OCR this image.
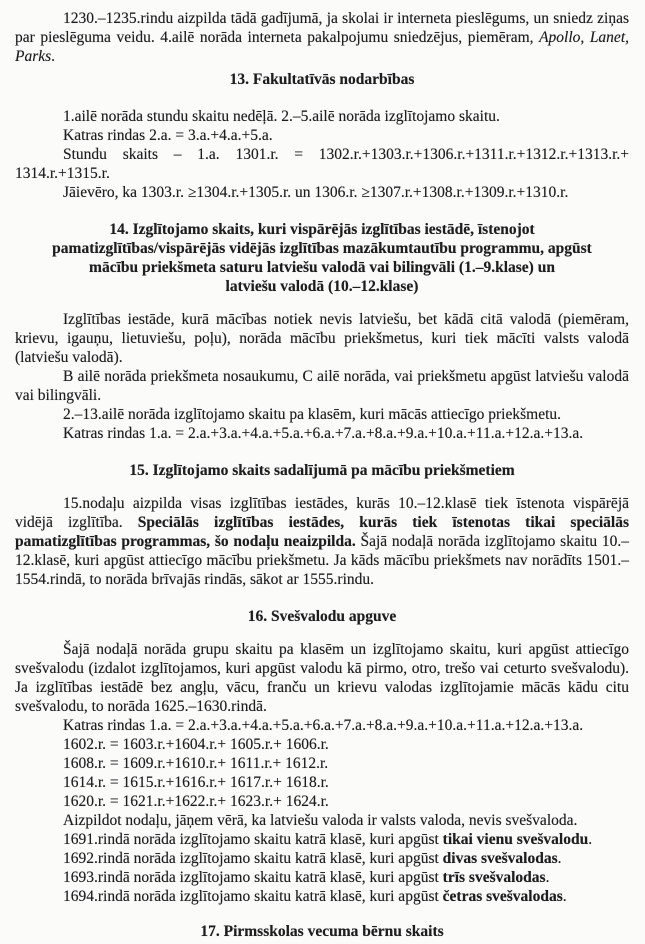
1230.–1235.rindu aizpilda tādā gadījumā, ja skolai ir interneta pieslēgums, un sniedz ziņas par pieslēguma veidu. 4.ailē norāda interneta pakalpojumu sniedzējus, piemēram, Apollo, Lanet, Parks.

13. Fakultatīvās nodarbības

1.ailē norāda stundu skaitu nedēļā. 2.–5.ailē norāda izglītojamo skaitu.

Katras rindas 2.a. = 3.a.+4.a.+5.a.

Stundu skaits – 1.a. 1301.r. = 1302.r.+1303.r.+1306.r.+1311.r.+1312.r.+1313.r.+ 1314.r.+1315.r.

Jāievēro, ka 1303.r. ≥1304.r.+1305.r. un 1306.r. ≥1307.r.+1308.r.+1309.r.+1310.r.

14. Izglītojamo skaits, kuri vispārējās izglītības iestādē, īstenojot
pamatizglītības/vispārējās vidējās izglītības mazākumtautību programmu, apgūst
mācību priekšmeta saturu latviešu valodā vai bilingvāli (1.–9.klase) un
latviešu valodā (10.–12.klase)

Izglītības iestāde, kurā mācības notiek nevis latviešu, bet kādā citā valodā (piemēram, krievu, igauņu, lietuviešu, poļu), norāda mācību priekšmetus, kuri tiek mācīti valsts valodā (latviešu valodā).

B ailē norāda priekšmeta nosaukumu, C ailē norāda, vai priekšmetu apgūst latviešu valodā vai bilingvāli.

2.–13.ailē norāda izglītojamo skaitu pa klasēm, kuri mācās attiecīgo priekšmetu.

Katras rindas 1.a. = 2.a.+3.a.+4.a.+5.a.+6.a.+7.a.+8.a.+9.a.+10.a.+11.a.+12.a.+13.a.

15. Izglītojamo skaits sadalījumā pa mācību priekšmetiem

15.nodaļu aizpilda visas izglītības iestādes, kurās 10.–12.klasē tiek īstenota vispārējā vidējā izglītība. Speciālās izglītības iestādes, kurās tiek īstenotas tikai speciālās pamatizglītības programmas, šo nodaļu neaizpilda. Šajā nodaļā norāda izglītojamo skaitu 10.–12.klasē, kuri apgūst attiecīgo mācību priekšmetu. Ja kāds mācību priekšmets nav norādīts 1501.–1554.rindā, to norāda brīvajās rindās, sākot ar 1555.rindu.

16. Svešvalodu apguve

Šajā nodaļā norāda grupu skaitu pa klasēm un izglītojamo skaitu, kuri apgūst attiecīgo svešvalodu (izdalot izglītojamos, kuri apgūst valodu kā pirmo, otro, trešo vai ceturto svešvalodu). Ja izglītības iestādē bez angļu, vācu, franču un krievu valodas izglītojamie mācās kādu citu svešvalodu, to norāda 1625.–1630.rindā.

Katras rindas 1.a. = 2.a.+3.a.+4.a.+5.a.+6.a.+7.a.+8.a.+9.a.+10.a.+11.a.+12.a.+13.a.

1602.r. = 1603.r.+1604.r.+ 1605.r.+ 1606.r.

1608.r. = 1609.r.+1610.r.+ 1611.r.+ 1612.r.

1614.r. = 1615.r.+1616.r.+ 1617.r.+ 1618.r.

1620.r. = 1621.r.+1622.r.+ 1623.r.+ 1624.r.

Aizpildot nodaļu, jāņem vērā, ka latviešu valoda ir valsts valoda, nevis svešvaloda.

1691.rindā norāda izglītojamo skaitu katrā klasē, kuri apgūst tikai vienu svešvalodu.

1692.rindā norāda izglītojamo skaitu katrā klasē, kuri apgūst divas svešvalodas.

1693.rindā norāda izglītojamo skaitu katrā klasē, kuri apgūst trīs svešvalodas.

1694.rindā norāda izglītojamo skaitu katrā klasē, kuri apgūst četras svešvalodas.

17. Pirmsskolas vecuma bērnu skaits
